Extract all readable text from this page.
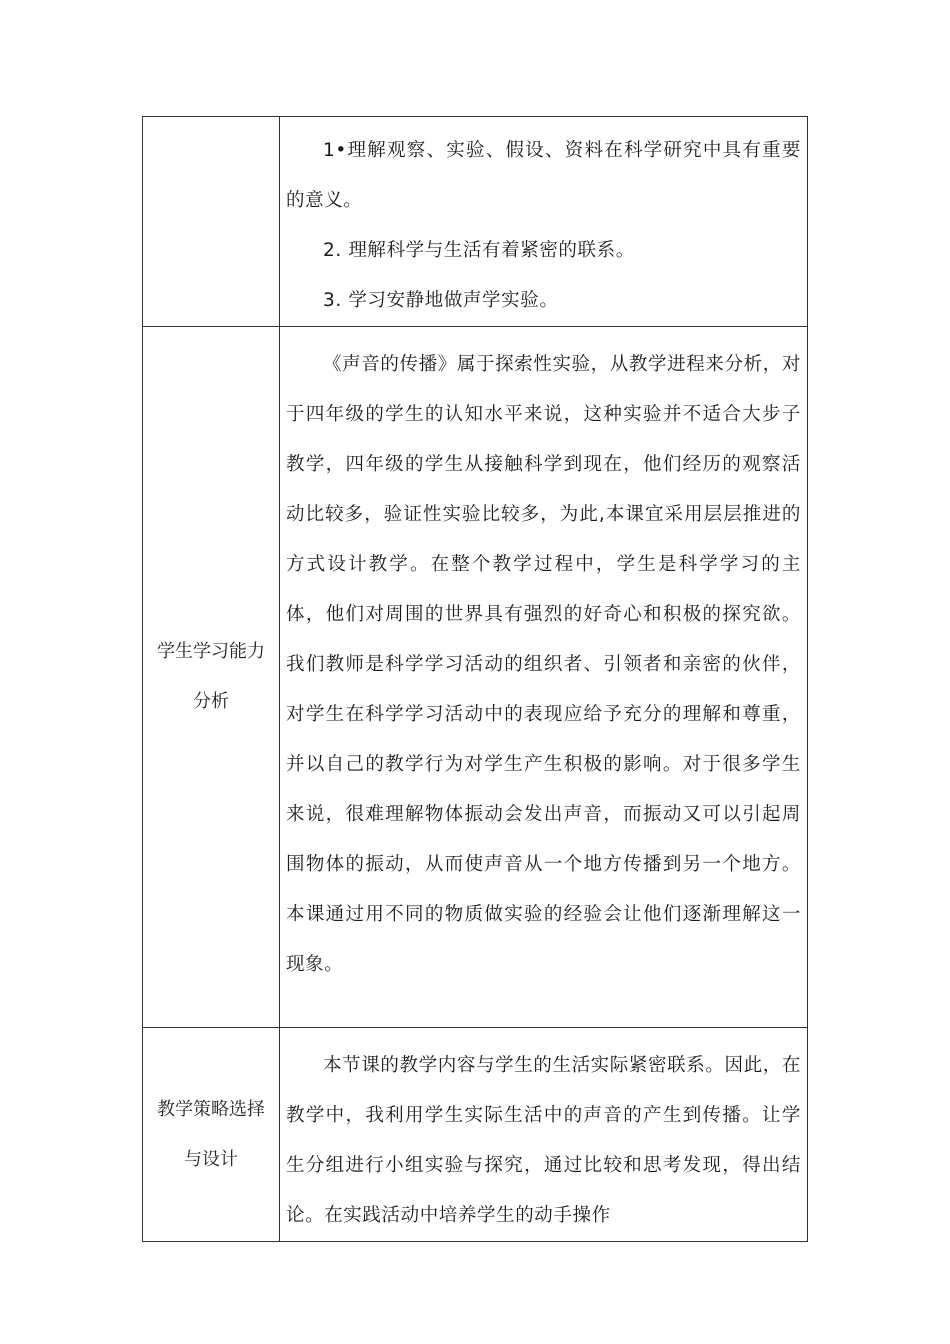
	1•理解观察、实验、假设、资料在科学研究中具有重要的意义。

2. 理解科学与生活有着紧密的联系。

3. 学习安静地做声学实验。

学生学习能力分析	《声音的传播》属于探索性实验，从教学进程来分析，对于四年级的学生的认知水平来说，这种实验并不适合大步子教学，四年级的学生从接触科学到现在，他们经历的观察活动比较多，验证性实验比较多，为此,本课宜采用层层推进的方式设计教学。在整个教学过程中，学生是科学学习的主体，他们对周围的世界具有强烈的好奇心和积极的探究欲。我们教师是科学学习活动的组织者、引领者和亲密的伙伴，对学生在科学学习活动中的表现应给予充分的理解和尊重，并以自己的教学行为对学生产生积极的影响。对于很多学生来说，很难理解物体振动会发出声音，而振动又可以引起周围物体的振动，从而使声音从一个地方传播到另一个地方。本课通过用不同的物质做实验的经验会让他们逐渐理解这一现象。

教学策略选择与设计	本节课的教学内容与学生的生活实际紧密联系。因此，在教学中，我利用学生实际生活中的声音的产生到传播。让学生分组进行小组实验与探究，通过比较和思考发现，得出结论。在实践活动中培养学生的动手操作
